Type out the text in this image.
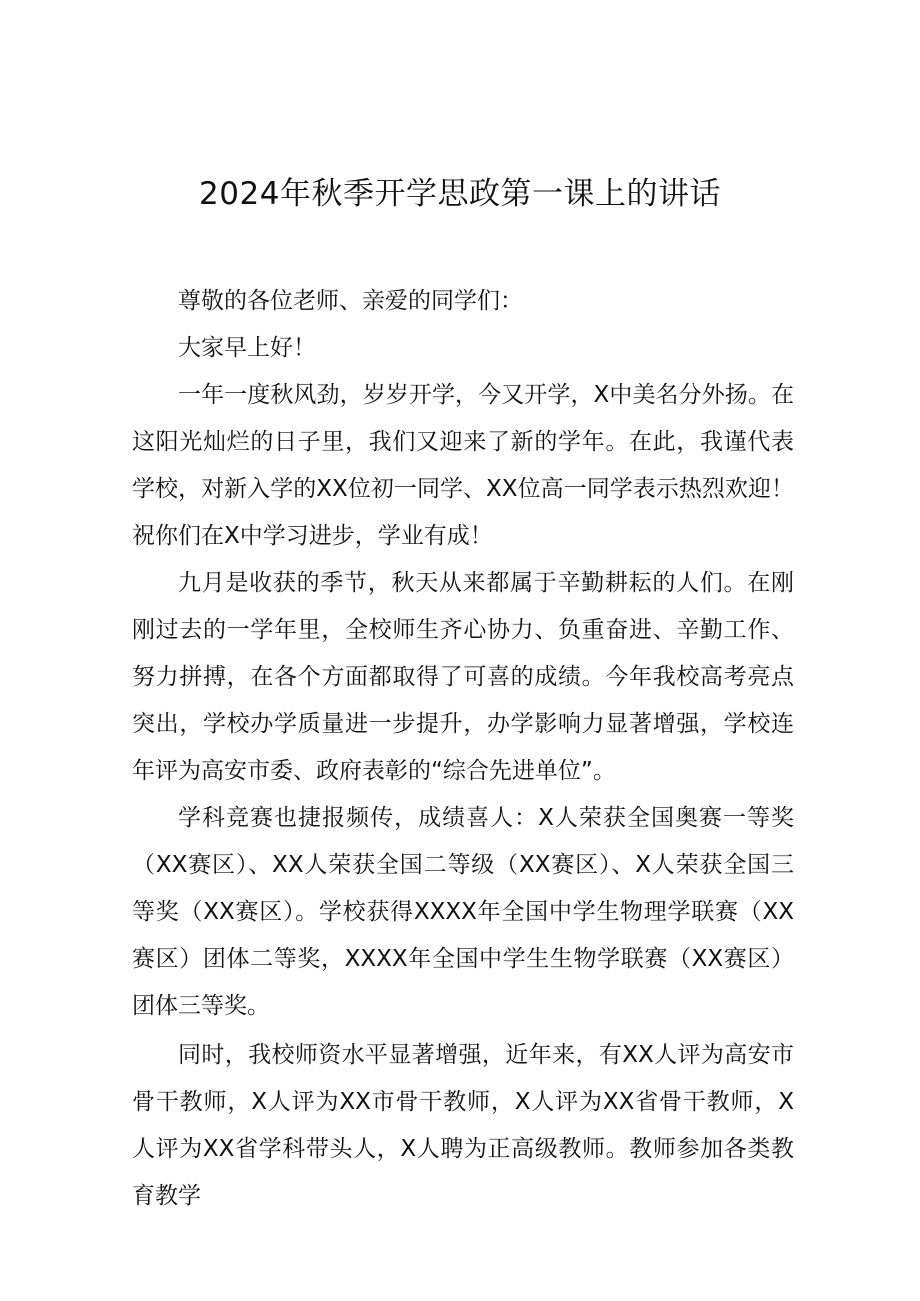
2024年秋季开学思政第一课上的讲话

尊敬的各位老师、亲爱的同学们：

大家早上好！

一年一度秋风劲，岁岁开学，今又开学，X中美名分外扬。在这阳光灿烂的日子里，我们又迎来了新的学年。在此，我谨代表学校，对新入学的XX位初一同学、XX位高一同学表示热烈欢迎！祝你们在X中学习进步，学业有成！

九月是收获的季节，秋天从来都属于辛勤耕耘的人们。在刚刚过去的一学年里，全校师生齐心协力、负重奋进、辛勤工作、努力拼搏，在各个方面都取得了可喜的成绩。今年我校高考亮点突出，学校办学质量进一步提升，办学影响力显著增强，学校连年评为高安市委、政府表彰的“综合先进单位”。

学科竞赛也捷报频传，成绩喜人：X人荣获全国奥赛一等奖（XX赛区）、XX人荣获全国二等级（XX赛区）、X人荣获全国三等奖（XX赛区）。学校获得XXXX年全国中学生物理学联赛（XX赛区）团体二等奖，XXXX年全国中学生生物学联赛（XX赛区）团体三等奖。

同时，我校师资水平显著增强，近年来，有XX人评为高安市骨干教师，X人评为XX市骨干教师，X人评为XX省骨干教师，X人评为XX省学科带头人，X人聘为正高级教师。教师参加各类教育教学
